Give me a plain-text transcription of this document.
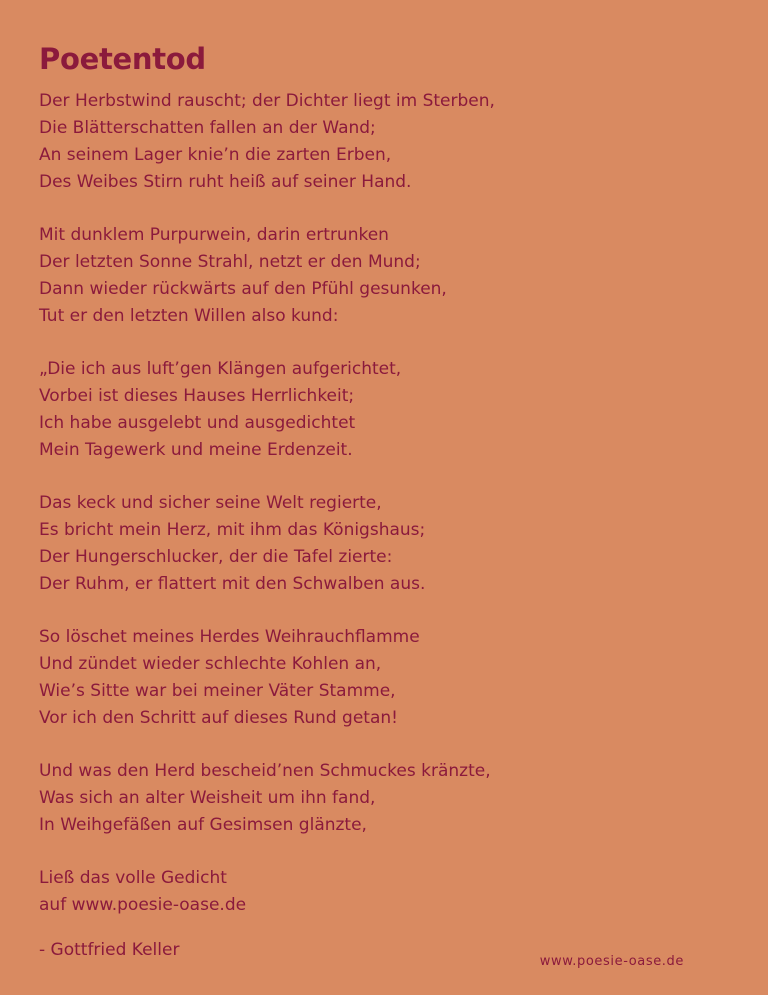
Poetentod
Der Herbstwind rauscht; der Dichter liegt im Sterben,
Die Blätterschatten fallen an der Wand;
An seinem Lager knie’n die zarten Erben,
Des Weibes Stirn ruht heiß auf seiner Hand.
Mit dunklem Purpurwein, darin ertrunken
Der letzten Sonne Strahl, netzt er den Mund;
Dann wieder rückwärts auf den Pfühl gesunken,
Tut er den letzten Willen also kund:
„Die ich aus luft’gen Klängen aufgerichtet,
Vorbei ist dieses Hauses Herrlichkeit;
Ich habe ausgelebt und ausgedichtet
Mein Tagewerk und meine Erdenzeit.
Das keck und sicher seine Welt regierte,
Es bricht mein Herz, mit ihm das Königshaus;
Der Hungerschlucker, der die Tafel zierte:
Der Ruhm, er flattert mit den Schwalben aus.
So löschet meines Herdes Weihrauchflamme
Und zündet wieder schlechte Kohlen an,
Wie’s Sitte war bei meiner Väter Stamme,
Vor ich den Schritt auf dieses Rund getan!
Und was den Herd bescheid’nen Schmuckes kränzte,
Was sich an alter Weisheit um ihn fand,
In Weihgefäßen auf Gesimsen glänzte,
Ließ das volle Gedicht
auf www.poesie-oase.de
- Gottfried Keller
www.poesie-oase.de
